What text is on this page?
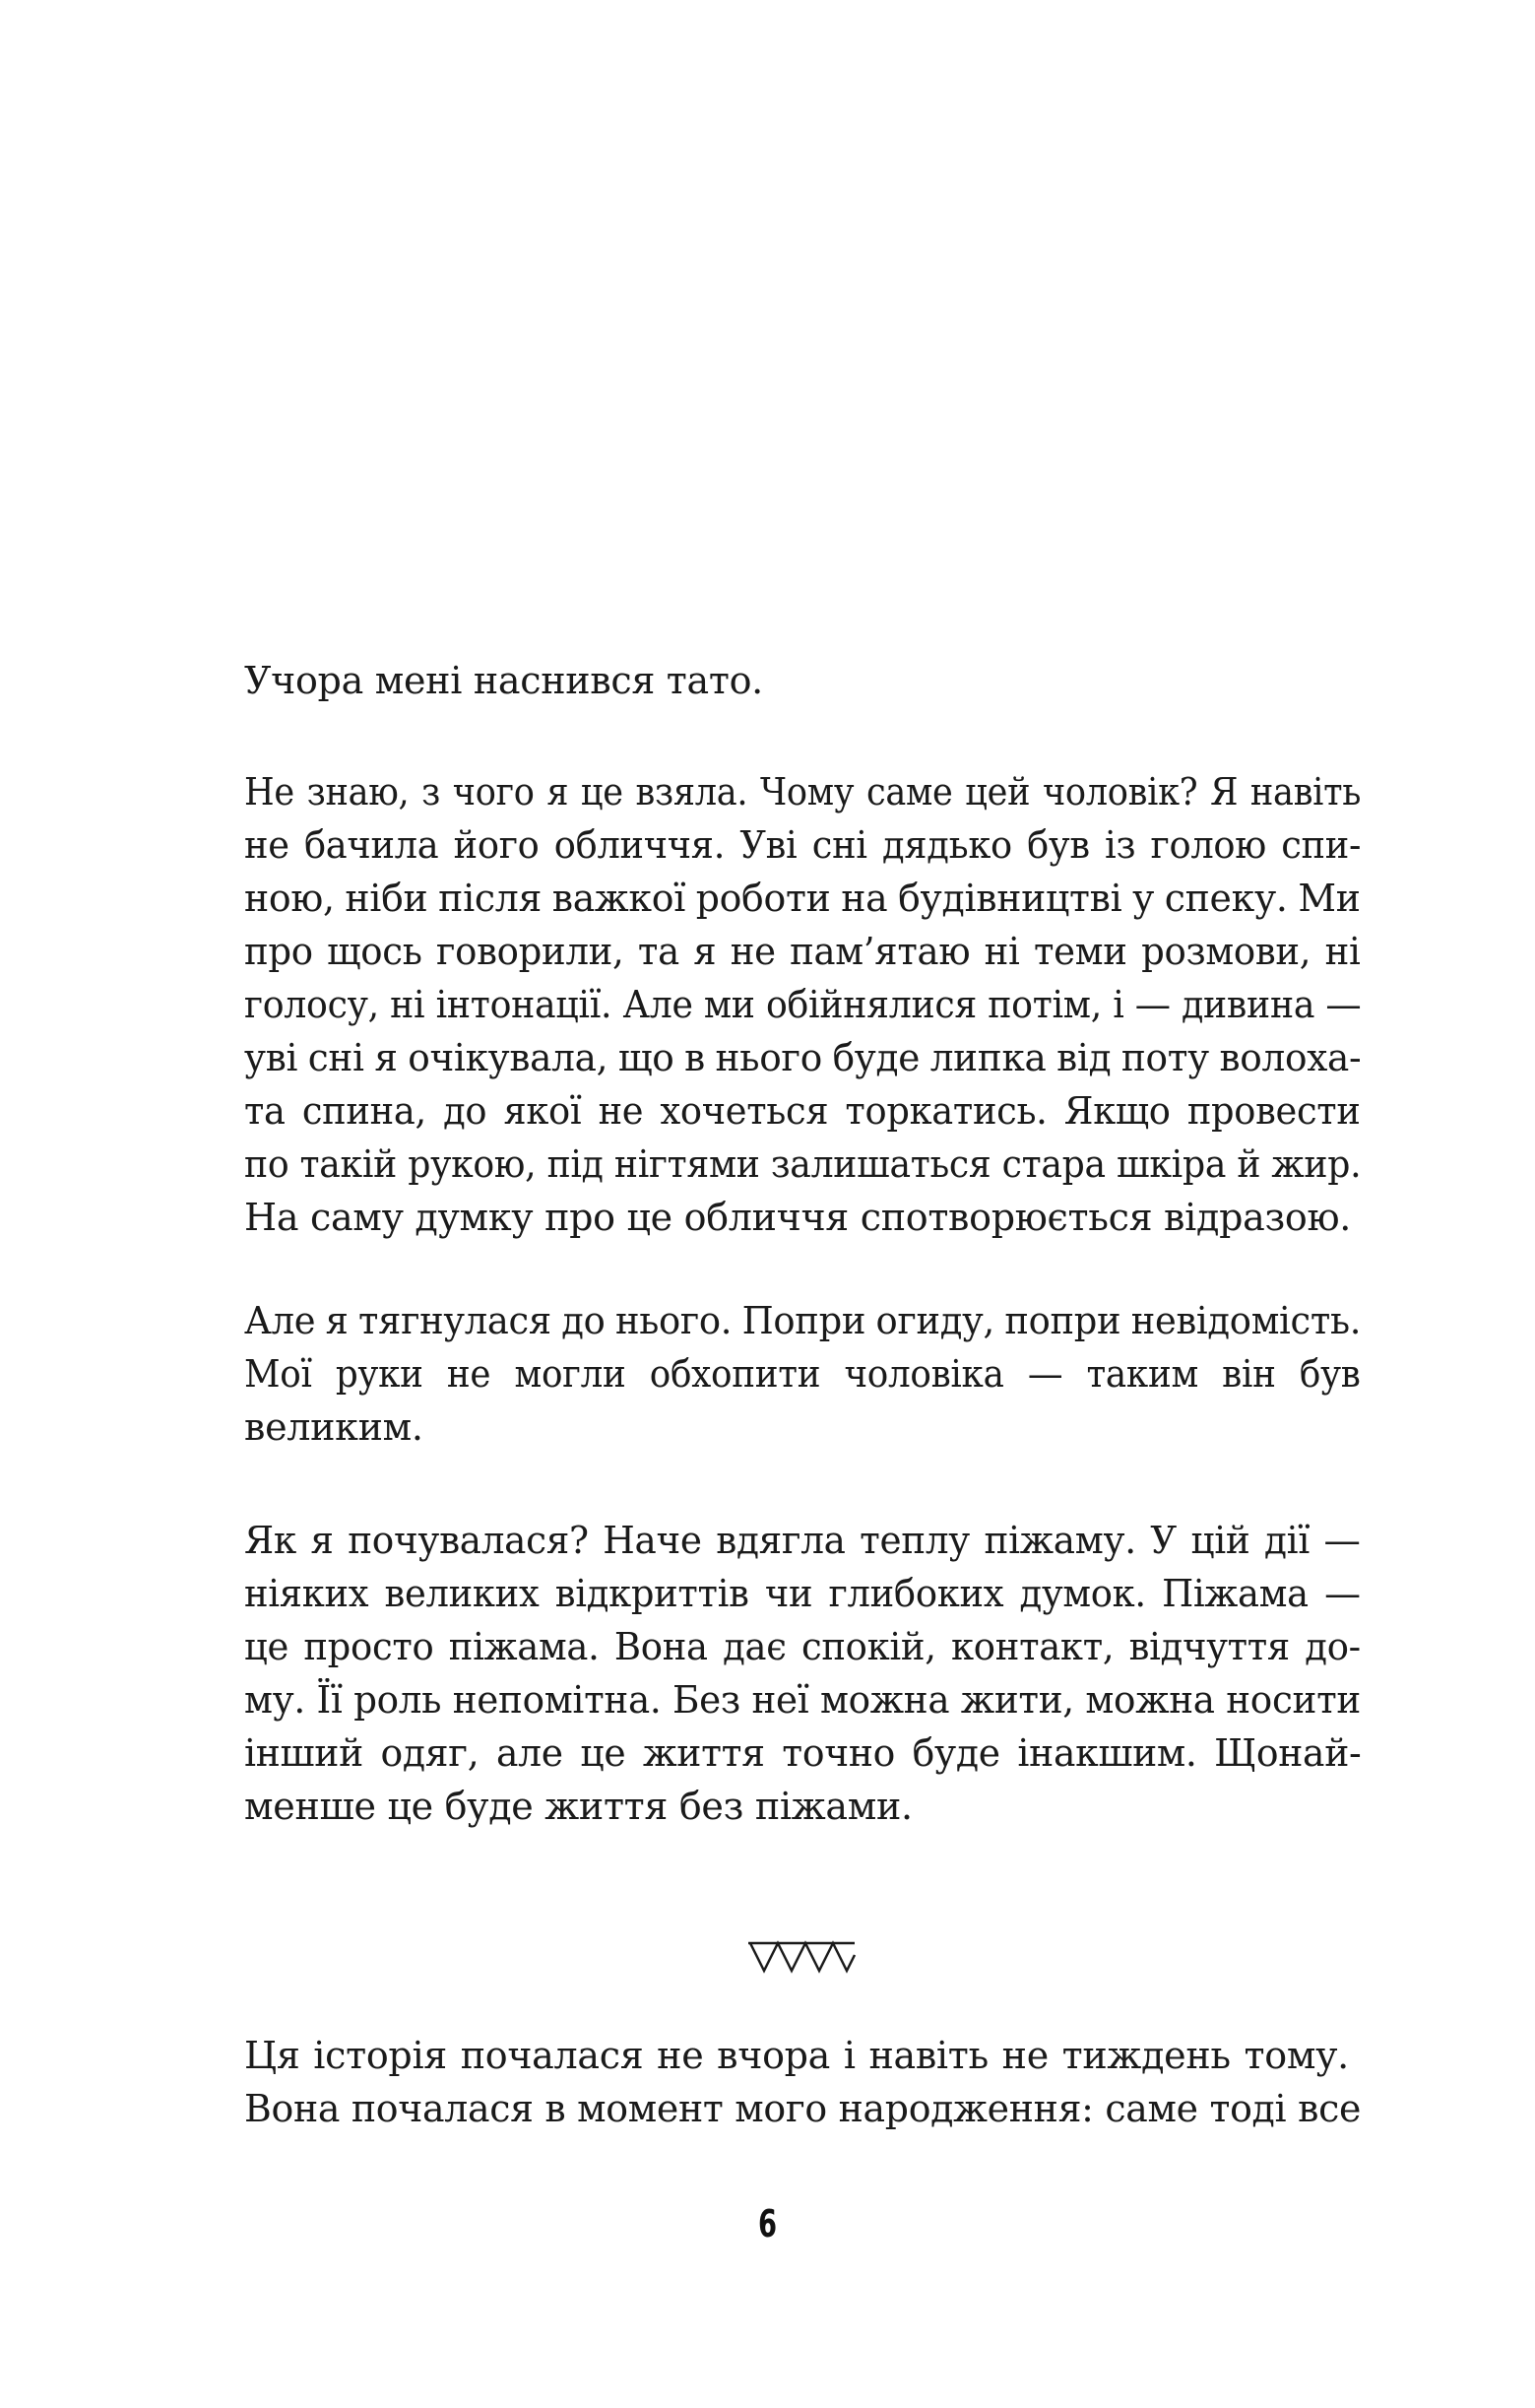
Учора мені наснився тато.
Не знаю, з чого я це взяла. Чому саме цей чоловік? Я навіть
не бачила його обличчя. Уві сні дядько був із голою спи-
ною, ніби після важкої роботи на будівництві у спеку. Ми
про щось говорили, та я не пам’ятаю ні теми розмови, ні
голосу, ні інтонації. Але ми обійнялися потім, і — дивина —
уві сні я очікувала, що в нього буде липка від поту волоха-
та спина, до якої не хочеться торкатись. Якщо провести
по такій рукою, під нігтями залишаться стара шкіра й жир.
На саму думку про це обличчя спотворюється відразою.
Але я тягнулася до нього. Попри огиду, попри невідомість.
Мої руки не могли обхопити чоловіка — таким він був
великим.
Як я почувалася? Наче вдягла теплу піжаму. У цій дії —
ніяких великих відкриттів чи глибоких думок. Піжама —
це просто піжама. Вона дає спокій, контакт, відчуття до-
му. Її роль непомітна. Без неї можна жити, можна носити
інший одяг, але це життя точно буде інакшим. Щонай-
менше це буде життя без піжами.
Ця історія почалася не вчора і навіть не тиждень тому.
Вона почалася в момент мого народження: саме тоді все
6
